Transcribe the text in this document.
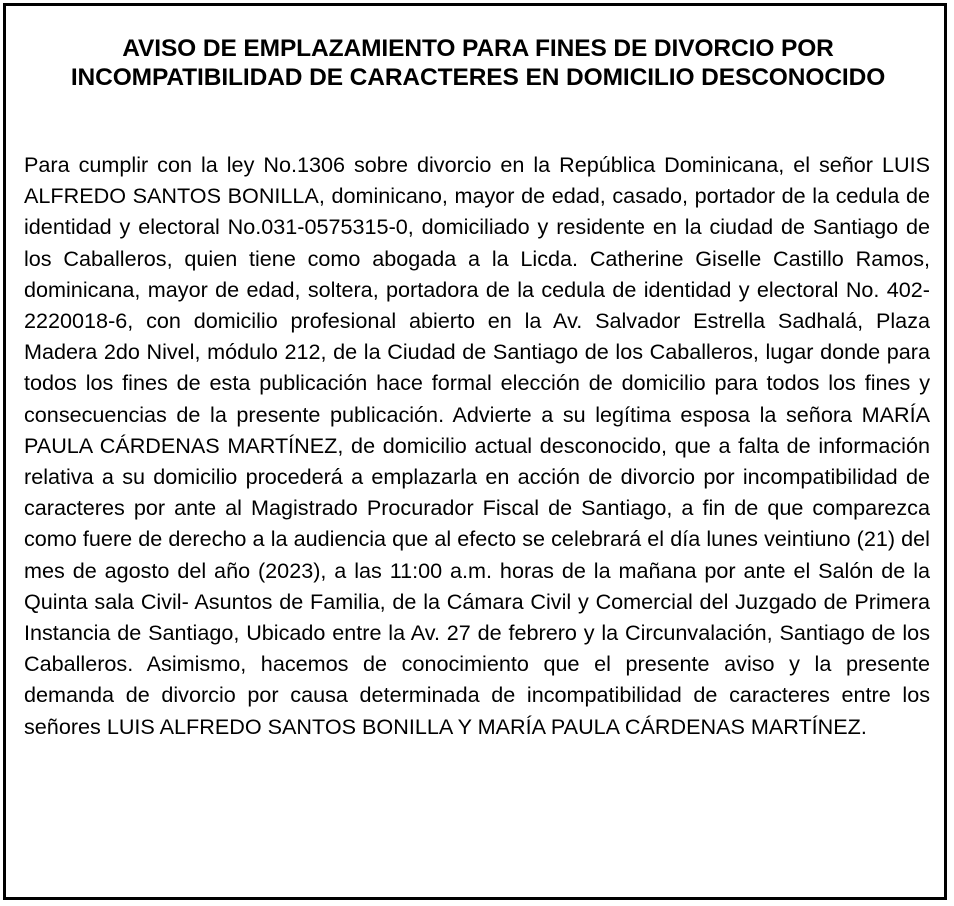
AVISO DE EMPLAZAMIENTO PARA FINES DE DIVORCIO POR INCOMPATIBILIDAD DE CARACTERES EN DOMICILIO DESCONOCIDO

Para cumplir con la ley No.1306 sobre divorcio en la República Dominicana, el señor LUIS ALFREDO SANTOS BONILLA, dominicano, mayor de edad, casado, portador de la cedula de identidad y electoral No.031-0575315-0, domiciliado y residente en la ciudad de Santiago de los Caballeros, quien tiene como abogada a la Licda. Catherine Giselle Castillo Ramos, dominicana, mayor de edad, soltera, portadora de la cedula de identidad y electoral No. 402-2220018-6, con domicilio profesional abierto en la Av. Salvador Estrella Sadhalá, Plaza Madera 2do Nivel, módulo 212, de la Ciudad de Santiago de los Caballeros, lugar donde para todos los fines de esta publicación hace formal elección de domicilio para todos los fines y consecuencias de la presente publicación. Advierte a su legítima esposa la señora MARÍA PAULA CÁRDENAS MARTÍNEZ, de domicilio actual desconocido, que a falta de información relativa a su domicilio procederá a emplazarla en acción de divorcio por incompatibilidad de caracteres por ante al Magistrado Procurador Fiscal de Santiago, a fin de que comparezca como fuere de derecho a la audiencia que al efecto se celebrará el día lunes veintiuno (21) del mes de agosto del año (2023), a las 11:00 a.m. horas de la mañana por ante el Salón de la Quinta sala Civil- Asuntos de Familia, de la Cámara Civil y Comercial del Juzgado de Primera Instancia de Santiago, Ubicado entre la Av. 27 de febrero y la Circunvalación, Santiago de los Caballeros. Asimismo, hacemos de conocimiento que el presente aviso y la presente demanda de divorcio por causa determinada de incompatibilidad de caracteres entre los señores LUIS ALFREDO SANTOS BONILLA Y MARÍA PAULA CÁRDENAS MARTÍNEZ.
